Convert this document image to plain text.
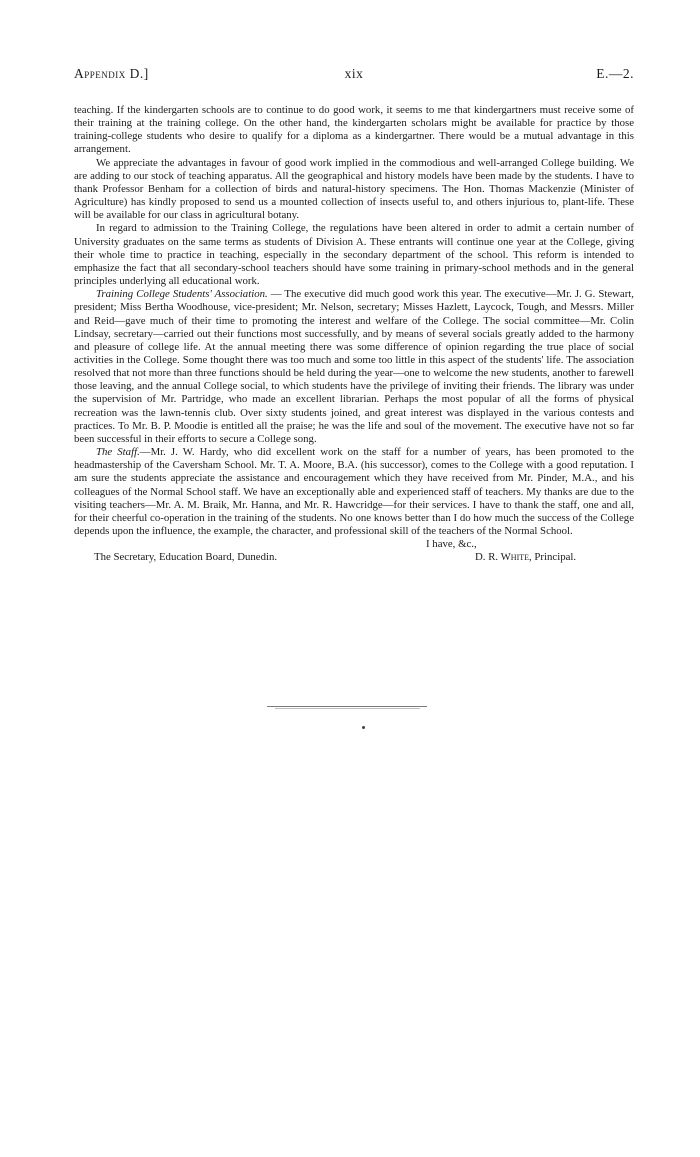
Appendix D.]	xix	E.—2.

teaching. If the kindergarten schools are to continue to do good work, it seems to me that kindergartners must receive some of their training at the training college. On the other hand, the kindergarten scholars might be available for practice by those training-college students who desire to qualify for a diploma as a kindergartner. There would be a mutual advantage in this arrangement.

We appreciate the advantages in favour of good work implied in the commodious and well-arranged College building. We are adding to our stock of teaching apparatus. All the geographical and history models have been made by the students. I have to thank Professor Benham for a collection of birds and natural-history specimens. The Hon. Thomas Mackenzie (Minister of Agriculture) has kindly proposed to send us a mounted collection of insects useful to, and others injurious to, plant-life. These will be available for our class in agricultural botany.

In regard to admission to the Training College, the regulations have been altered in order to admit a certain number of University graduates on the same terms as students of Division A. These entrants will continue one year at the College, giving their whole time to practice in teaching, especially in the secondary department of the school. This reform is intended to emphasize the fact that all secondary-school teachers should have some training in primary-school methods and in the general principles underlying all educational work.

Training College Students' Association. — The executive did much good work this year. The executive—Mr. J. G. Stewart, president; Miss Bertha Woodhouse, vice-president; Mr. Nelson, secretary; Misses Hazlett, Laycock, Tough, and Messrs. Miller and Reid—gave much of their time to promoting the interest and welfare of the College. The social committee—Mr. Colin Lindsay, secretary—carried out their functions most successfully, and by means of several socials greatly added to the harmony and pleasure of college life. At the annual meeting there was some difference of opinion regarding the true place of social activities in the College. Some thought there was too much and some too little in this aspect of the students' life. The association resolved that not more than three functions should be held during the year—one to welcome the new students, another to farewell those leaving, and the annual College social, to which students have the privilege of inviting their friends. The library was under the supervision of Mr. Partridge, who made an excellent librarian. Perhaps the most popular of all the forms of physical recreation was the lawn-tennis club. Over sixty students joined, and great interest was displayed in the various contests and practices. To Mr. B. P. Moodie is entitled all the praise; he was the life and soul of the movement. The executive have not so far been successful in their efforts to secure a College song.

The Staff.—Mr. J. W. Hardy, who did excellent work on the staff for a number of years, has been promoted to the headmastership of the Caversham School. Mr. T. A. Moore, B.A. (his successor), comes to the College with a good reputation. I am sure the students appreciate the assistance and encouragement which they have received from Mr. Pinder, M.A., and his colleagues of the Normal School staff. We have an exceptionally able and experienced staff of teachers. My thanks are due to the visiting teachers—Mr. A. M. Braik, Mr. Hanna, and Mr. R. Hawcridge—for their services. I have to thank the staff, one and all, for their cheerful co-operation in the training of the students. No one knows better than I do how much the success of the College depends upon the influence, the example, the character, and professional skill of the teachers of the Normal School.

I have, &c.,
The Secretary, Education Board, Dunedin.	D. R. White, Principal.
